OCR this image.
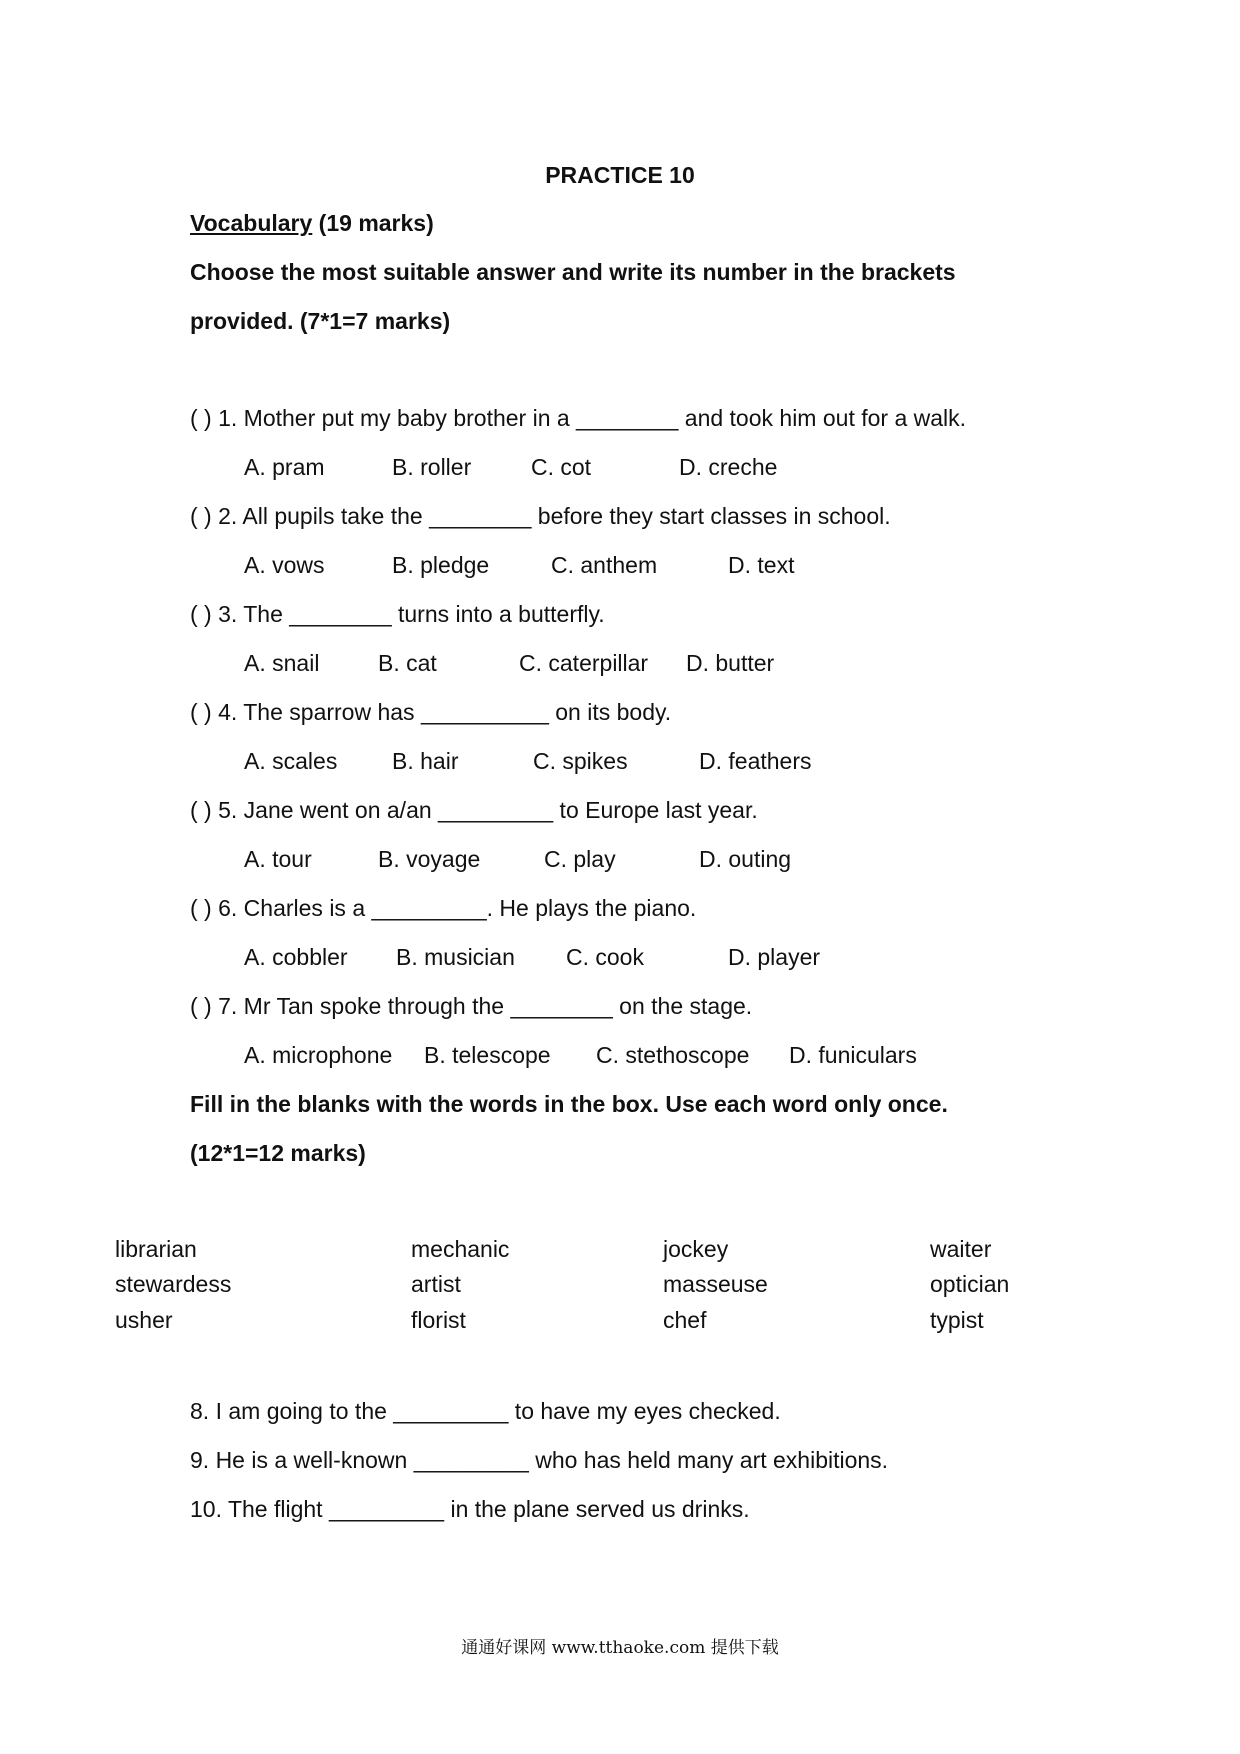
PRACTICE 10
Vocabulary (19 marks)
Choose the most suitable answer and write its number in the brackets
provided. (7*1=7 marks)
( ) 1. Mother put my baby brother in a ________ and took him out for a walk.
A. pram	B. roller	C. cot	D. creche
( ) 2. All pupils take the ________ before they start classes in school.
A. vows	B. pledge	C. anthem	D. text
( ) 3. The ________ turns into a butterfly.
A. snail	B. cat	C. caterpillar D. butter
( ) 4. The sparrow has __________ on its body.
A. scales B. hair	C. spikes	D. feathers
( ) 5. Jane went on a/an _________ to Europe last year.
A. tour	B. voyage	C. play	D. outing
( ) 6. Charles is a _________. He plays the piano.
A. cobbler B. musician C. cook	D. player
( ) 7. Mr Tan spoke through the ________ on the stage.
A. microphone B. telescope C. stethoscope D. funiculars
Fill in the blanks with the words in the box. Use each word only once.
(12*1=12 marks)
librarian	mechanic	jockey	waiter
stewardess	artist	masseuse	optician
usher	florist	chef	typist
8. I am going to the _________ to have my eyes checked.
9. He is a well-known _________ who has held many art exhibitions.
10. The flight _________ in the plane served us drinks.
通通好课网 www.tthaoke.com 提供下载
